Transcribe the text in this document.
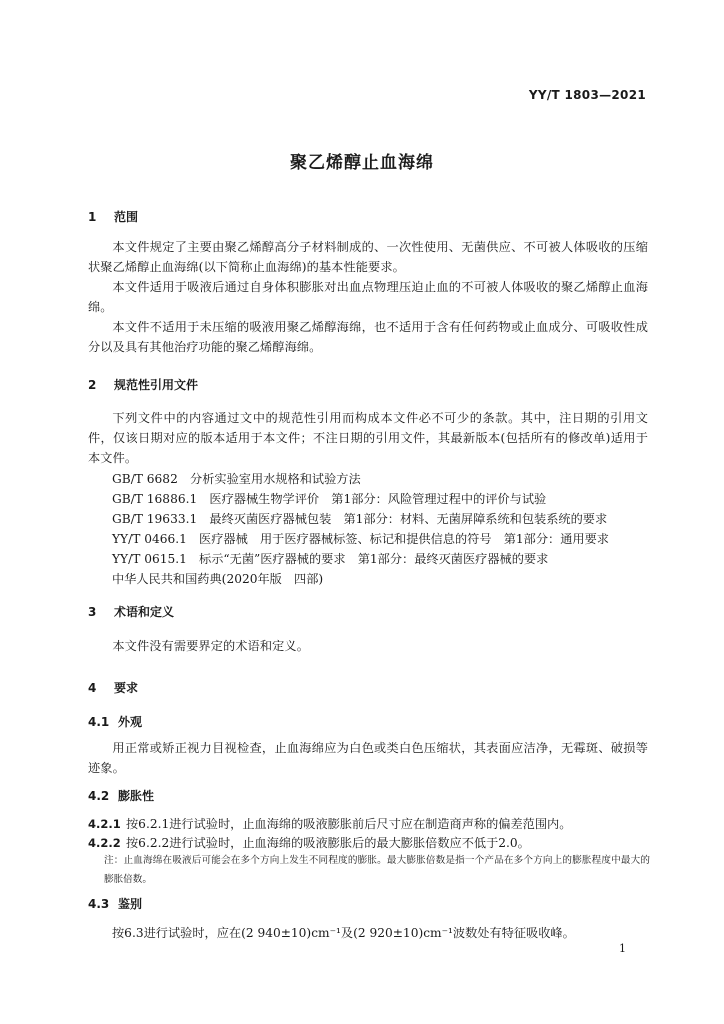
YY/T 1803—2021
聚乙烯醇止血海绵
1 范围
本文件规定了主要由聚乙烯醇高分子材料制成的、一次性使用、无菌供应、不可被人体吸收的压缩状聚乙烯醇止血海绵(以下简称止血海绵)的基本性能要求。
本文件适用于吸液后通过自身体积膨胀对出血点物理压迫止血的不可被人体吸收的聚乙烯醇止血海绵。
本文件不适用于未压缩的吸液用聚乙烯醇海绵，也不适用于含有任何药物或止血成分、可吸收性成分以及具有其他治疗功能的聚乙烯醇海绵。
2 规范性引用文件
下列文件中的内容通过文中的规范性引用而构成本文件必不可少的条款。其中，注日期的引用文件，仅该日期对应的版本适用于本文件；不注日期的引用文件，其最新版本(包括所有的修改单)适用于本文件。
GB/T 6682　分析实验室用水规格和试验方法
GB/T 16886.1　医疗器械生物学评价　第1部分：风险管理过程中的评价与试验
GB/T 19633.1　最终灭菌医疗器械包装　第1部分：材料、无菌屏障系统和包装系统的要求
YY/T 0466.1　医疗器械　用于医疗器械标签、标记和提供信息的符号　第1部分：通用要求
YY/T 0615.1　标示“无菌”医疗器械的要求　第1部分：最终灭菌医疗器械的要求
中华人民共和国药典(2020年版　四部)
3 术语和定义
本文件没有需要界定的术语和定义。
4 要求
4.1 外观
用正常或矫正视力目视检查，止血海绵应为白色或类白色压缩状，其表面应洁净，无霉斑、破损等迹象。
4.2 膨胀性
4.2.1 按6.2.1进行试验时，止血海绵的吸液膨胀前后尺寸应在制造商声称的偏差范围内。
4.2.2 按6.2.2进行试验时，止血海绵的吸液膨胀后的最大膨胀倍数应不低于2.0。
注：止血海绵在吸液后可能会在多个方向上发生不同程度的膨胀。最大膨胀倍数是指一个产品在多个方向上的膨胀程度中最大的膨胀倍数。
4.3 鉴别
按6.3进行试验时，应在(2 940±10)cm⁻¹及(2 920±10)cm⁻¹波数处有特征吸收峰。
1
